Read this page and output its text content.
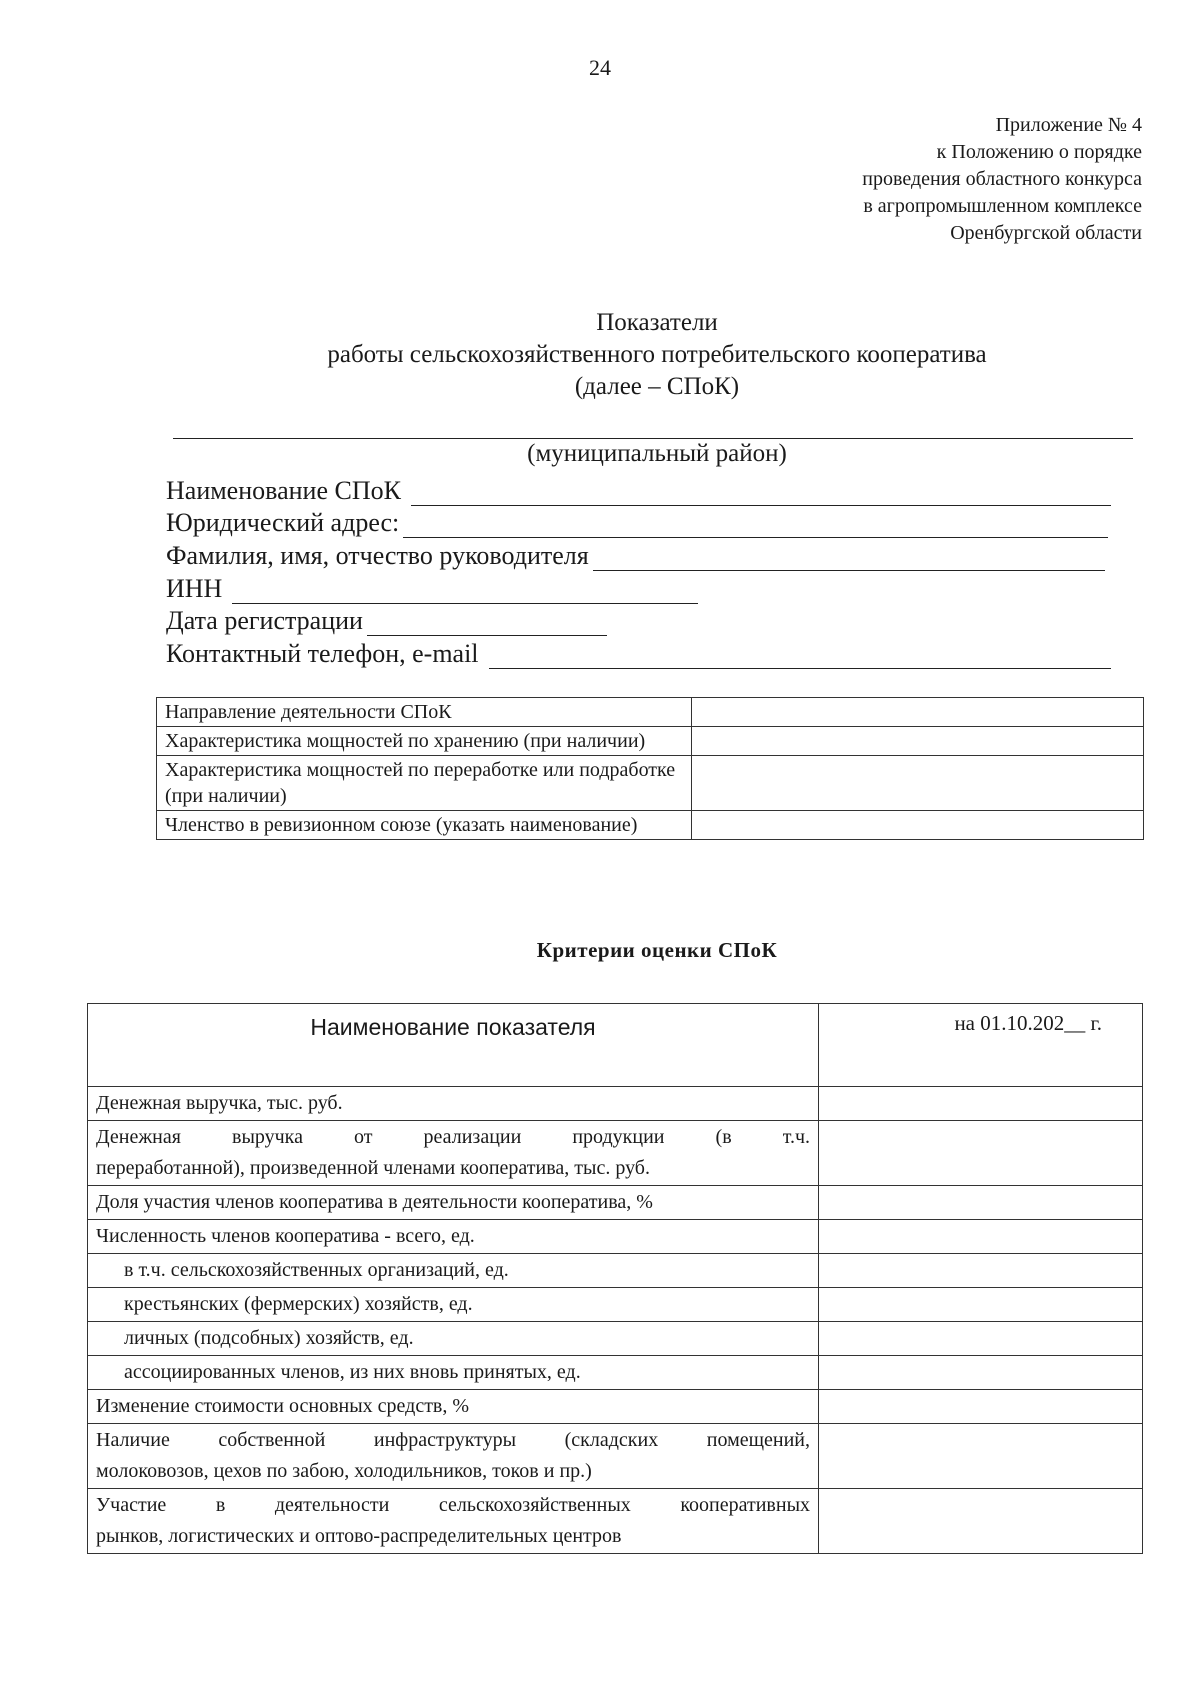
24
Приложение № 4
к Положению о порядке
проведения областного конкурса
в агропромышленном комплексе
Оренбургской области
Показатели
работы сельскохозяйственного потребительского кооператива
(далее – СПоК)
(муниципальный район)
Наименование СПоК
Юридический адрес:
Фамилия, имя, отчество руководителя
ИНН
Дата регистрации
Контактный телефон, e-mail
Направление деятельности СПоК	
Характеристика мощностей по хранению (при наличии)	
Характеристика мощностей по переработке или подработке (при наличии)	
Членство в ревизионном союзе (указать наименование)	
Критерии оценки СПоК
Наименование показателя	на 01.10.202__ г.
Денежная выручка, тыс. руб.	

Денежная выручка от реализации продукции (в т.ч.
переработанной), произведенной членами кооператива, тыс. руб.	

Доля участия членов кооператива в деятельности кооператива, %	
Численность членов кооператива - всего, ед.	
в т.ч. сельскохозяйственных организаций, ед.	
крестьянских (фермерских) хозяйств, ед.	
личных (подсобных) хозяйств, ед.	
ассоциированных членов, из них вновь принятых, ед.	
Изменение стоимости основных средств, %	

Наличие собственной инфраструктуры (складских помещений,
молоковозов, цехов по забою, холодильников, токов и пр.)	

Участие в деятельности сельскохозяйственных кооперативных
рынков, логистических и оптово-распределительных центров	
